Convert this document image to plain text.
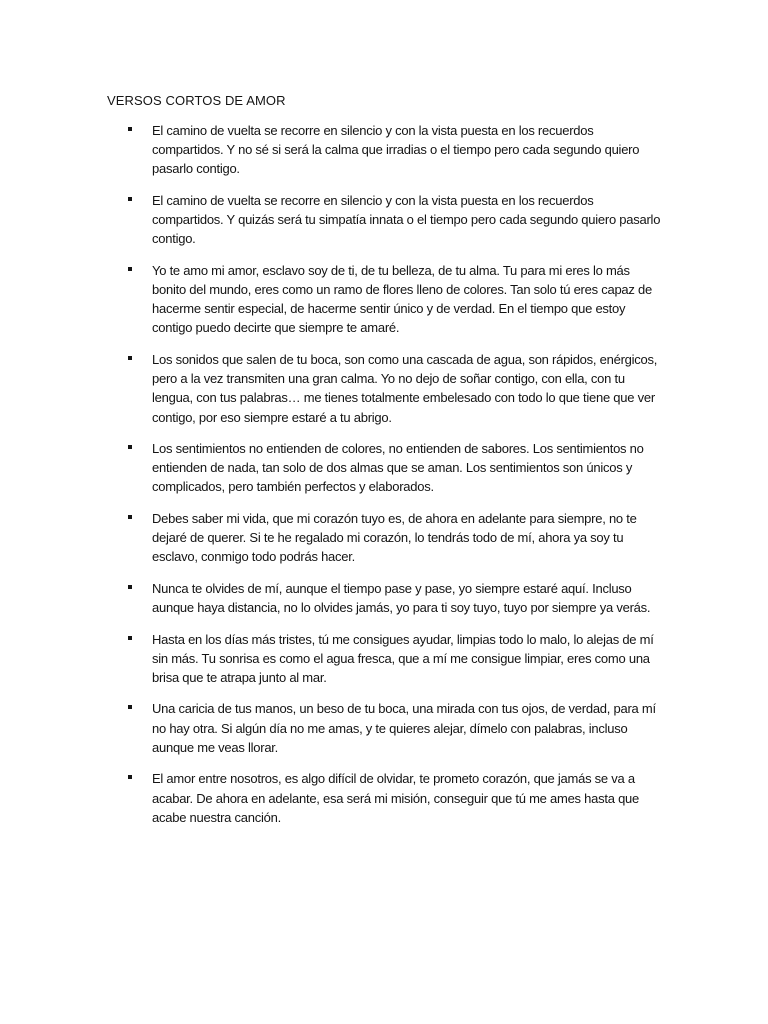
VERSOS CORTOS DE AMOR
El camino de vuelta se recorre en silencio y con la vista puesta en los recuerdos compartidos. Y no sé si será la calma que irradias o el tiempo pero cada segundo quiero pasarlo contigo.
El camino de vuelta se recorre en silencio y con la vista puesta en los recuerdos compartidos. Y quizás será tu simpatía innata o el tiempo pero cada segundo quiero pasarlo contigo.
Yo te amo mi amor, esclavo soy de ti, de tu belleza, de tu alma. Tu para mi eres lo más bonito del mundo, eres como un ramo de flores lleno de colores. Tan solo tú eres capaz de hacerme sentir especial, de hacerme sentir único y de verdad. En el tiempo que estoy contigo puedo decirte que siempre te amaré.
Los sonidos que salen de tu boca, son como una cascada de agua, son rápidos, enérgicos, pero a la vez transmiten una gran calma. Yo no dejo de soñar contigo, con ella, con tu lengua, con tus palabras… me tienes totalmente embelesado con todo lo que tiene que ver contigo, por eso siempre estaré a tu abrigo.
Los sentimientos no entienden de colores, no entienden de sabores. Los sentimientos no entienden de nada, tan solo de dos almas que se aman. Los sentimientos son únicos y complicados, pero también perfectos y elaborados.
Debes saber mi vida, que mi corazón tuyo es, de ahora en adelante para siempre, no te dejaré de querer. Si te he regalado mi corazón, lo tendrás todo de mí, ahora ya soy tu esclavo, conmigo todo podrás hacer.
Nunca te olvides de mí, aunque el tiempo pase y pase, yo siempre estaré aquí. Incluso aunque haya distancia, no lo olvides jamás, yo para ti soy tuyo, tuyo por siempre ya verás.
Hasta en los días más tristes, tú me consigues ayudar, limpias todo lo malo, lo alejas de mí sin más. Tu sonrisa es como el agua fresca, que a mí me consigue limpiar, eres como una brisa que te atrapa junto al mar.
Una caricia de tus manos, un beso de tu boca, una mirada con tus ojos, de verdad, para mí no hay otra. Si algún día no me amas, y te quieres alejar, dímelo con palabras, incluso aunque me veas llorar.
El amor entre nosotros, es algo difícil de olvidar, te prometo corazón, que jamás se va a acabar. De ahora en adelante, esa será mi misión, conseguir que tú me ames hasta que acabe nuestra canción.
